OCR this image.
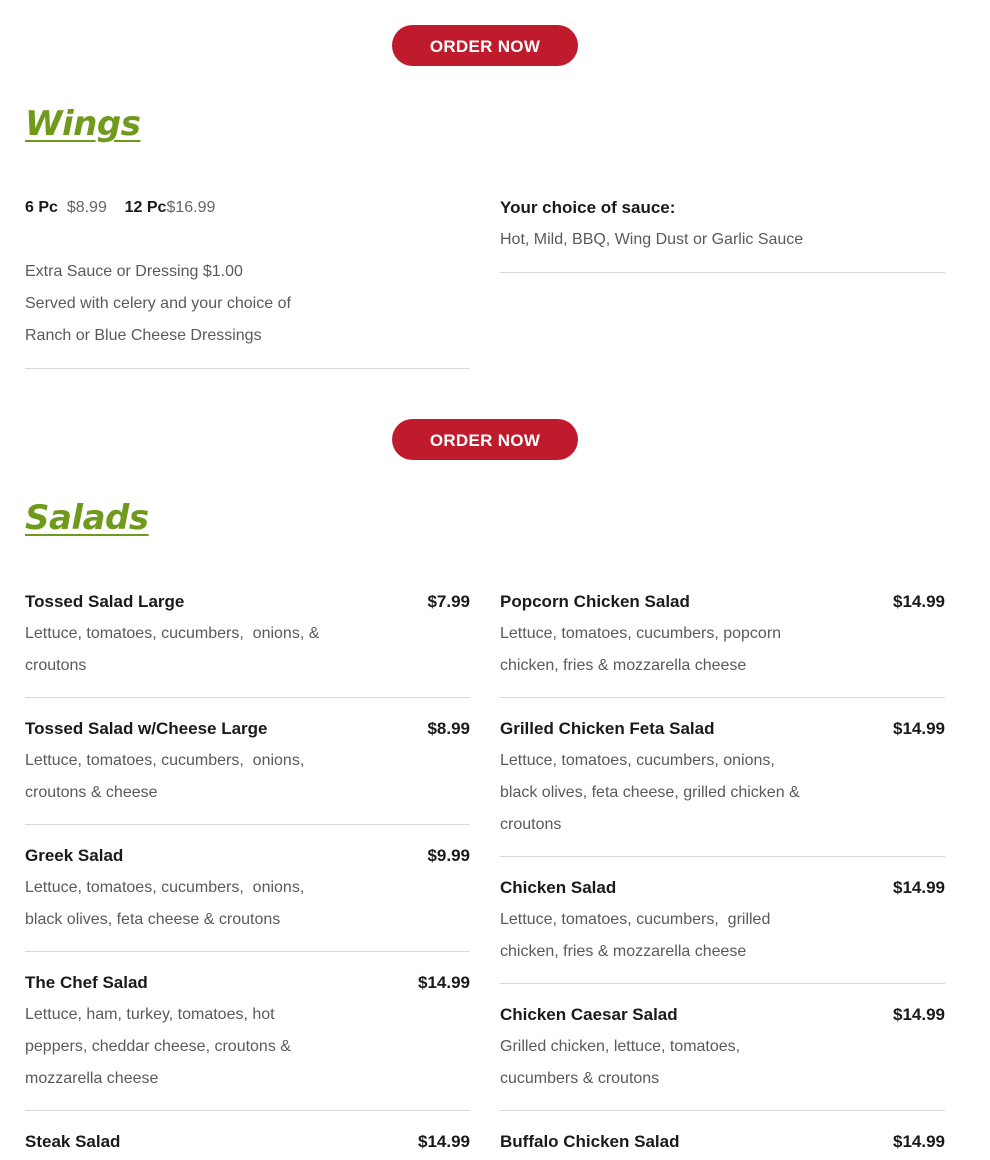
ORDER NOW
Wings
6 Pc $8.99 12 Pc$16.99
Extra Sauce or Dressing $1.00
Served with celery and your choice of
Ranch or Blue Cheese Dressings
Your choice of sauce:
Hot, Mild, BBQ, Wing Dust or Garlic Sauce
ORDER NOW
Salads
Tossed Salad Large	$7.99
Lettuce, tomatoes, cucumbers,  onions, &
croutons
Tossed Salad w/Cheese Large	$8.99
Lettuce, tomatoes, cucumbers,  onions,
croutons & cheese
Greek Salad	$9.99
Lettuce, tomatoes, cucumbers,  onions,
black olives, feta cheese & croutons
The Chef Salad	$14.99
Lettuce, ham, turkey, tomatoes, hot
peppers, cheddar cheese, croutons &
mozzarella cheese
Steak Salad	$14.99
Popcorn Chicken Salad	$14.99
Lettuce, tomatoes, cucumbers, popcorn
chicken, fries & mozzarella cheese
Grilled Chicken Feta Salad	$14.99
Lettuce, tomatoes, cucumbers, onions,
black olives, feta cheese, grilled chicken &
croutons
Chicken Salad	$14.99
Lettuce, tomatoes, cucumbers,  grilled
chicken, fries & mozzarella cheese
Chicken Caesar Salad	$14.99
Grilled chicken, lettuce, tomatoes,
cucumbers & croutons
Buffalo Chicken Salad	$14.99
